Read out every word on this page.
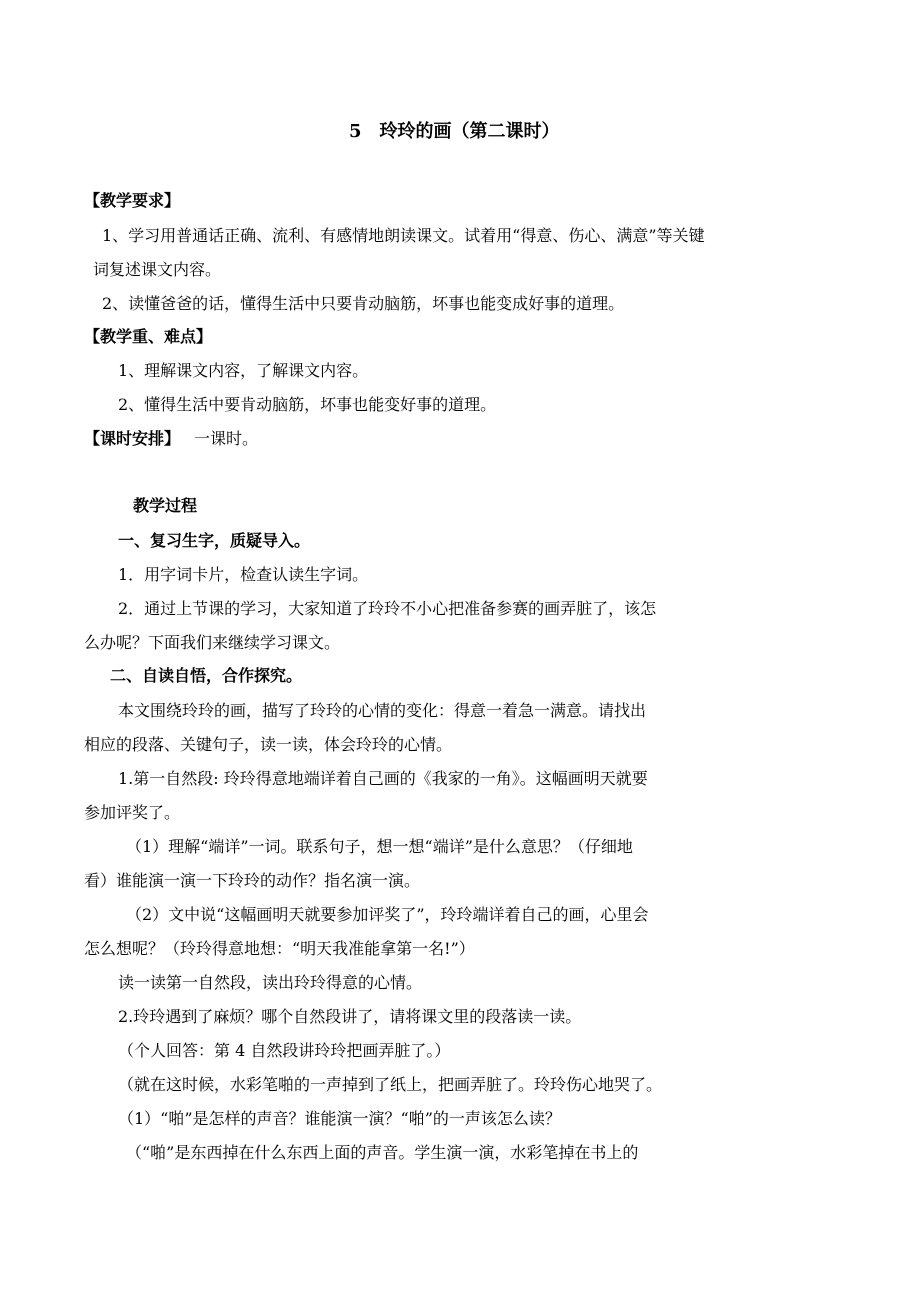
5　玲玲的画（第二课时）

【教学要求】

1、学习用普通话正确、流利、有感情地朗读课文。试着用“得意、伤心、满意”等关键

词复述课文内容。

2、读懂爸爸的话，懂得生活中只要肯动脑筋，坏事也能变成好事的道理。

【教学重、难点】

1、理解课文内容，了解课文内容。

2、懂得生活中要肯动脑筋，坏事也能变好事的道理。

【课时安排】 一课时。

教学过程

一、复习生字，质疑导入。

1．用字词卡片，检查认读生字词。

2．通过上节课的学习，大家知道了玲玲不小心把准备参赛的画弄脏了，该怎

么办呢？下面我们来继续学习课文。

二、自读自悟，合作探究。

本文围绕玲玲的画，描写了玲玲的心情的变化：得意一着急一满意。请找出

相应的段落、关键句子，读一读，体会玲玲的心情。

1.第一自然段: 玲玲得意地端详着自己画的《我家的一角》。这幅画明天就要

参加评奖了。

（1）理解“端详”一词。联系句子，想一想“端详”是什么意思？（仔细地

看）谁能演一演一下玲玲的动作？指名演一演。

（2）文中说“这幅画明天就要参加评奖了”，玲玲端详着自己的画，心里会

怎么想呢？（玲玲得意地想：“明天我准能拿第一名!”）

读一读第一自然段，读出玲玲得意的心情。

2.玲玲遇到了麻烦？哪个自然段讲了，请将课文里的段落读一读。

（个人回答：第 4 自然段讲玲玲把画弄脏了。）

（就在这时候，水彩笔啪的一声掉到了纸上，把画弄脏了。玲玲伤心地哭了。

（1）“啪”是怎样的声音？谁能演一演？“啪”的一声该怎么读？

（“啪”是东西掉在什么东西上面的声音。学生演一演，水彩笔掉在书上的
